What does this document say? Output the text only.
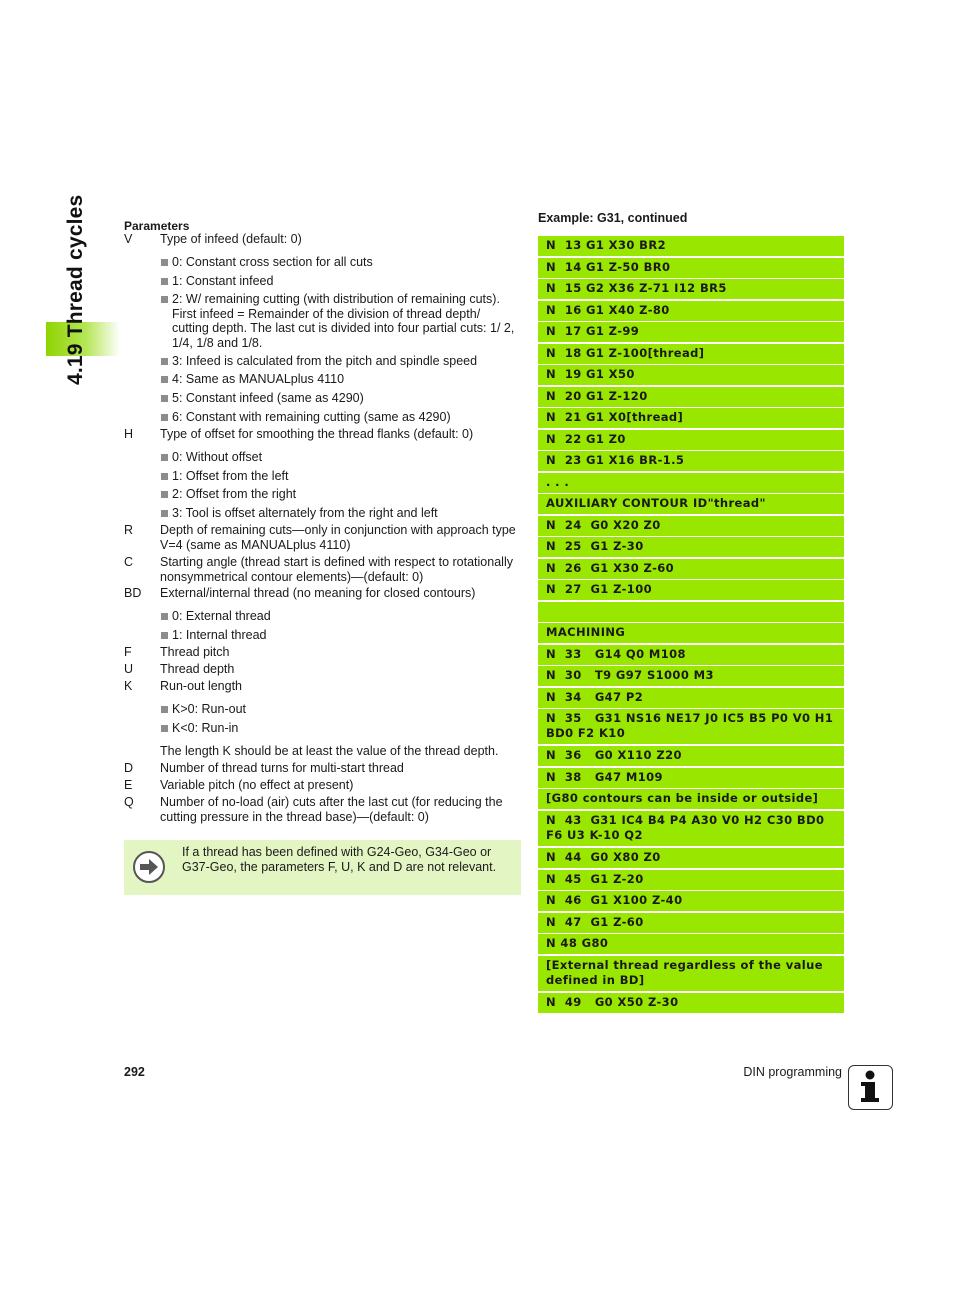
4.19 Thread cycles	Parameters
V Type of infeed (default: 0)
0: Constant cross section for all cuts
1: Constant infeed
2: W/ remaining cutting (with distribution of remaining cuts). First infeed = Remainder of the division of thread depth/ cutting depth. The last cut is divided into four partial cuts: 1/ 2, 1/4, 1/8 and 1/8.
3: Infeed is calculated from the pitch and spindle speed
4: Same as MANUALplus 4110
5: Constant infeed (same as 4290)
6: Constant with remaining cutting (same as 4290)
H Type of offset for smoothing the thread flanks (default: 0)
0: Without offset
1: Offset from the left
2: Offset from the right
3: Tool is offset alternately from the right and left
R Depth of remaining cuts—only in conjunction with approach type V=4 (same as MANUALplus 4110)
C Starting angle (thread start is defined with respect to rotationally nonsymmetrical contour elements)—(default: 0)
BD External/internal thread (no meaning for closed contours)
0: External thread
1: Internal thread
F Thread pitch
U Thread depth
K Run-out length
K>0: Run-out
K<0: Run-in
The length K should be at least the value of the thread depth.
D Number of thread turns for multi-start thread
E Variable pitch (no effect at present)
Q Number of no-load (air) cuts after the last cut (for reducing the cutting pressure in the thread base)—(default: 0)
If a thread has been defined with G24-Geo, G34-Geo or G37-Geo, the parameters F, U, K and D are not relevant.
Example: G31, continued
N  13 G1 X30 BR2
N  14 G1 Z-50 BR0
N  15 G2 X36 Z-71 I12 BR5
N  16 G1 X40 Z-80
N  17 G1 Z-99
N  18 G1 Z-100[thread]
N  19 G1 X50
N  20 G1 Z-120
N  21 G1 X0[thread]
N  22 G1 Z0
N  23 G1 X16 BR-1.5
. . .
AUXILIARY CONTOUR ID"thread"
N  24  G0 X20 Z0
N  25  G1 Z-30
N  26  G1 X30 Z-60
N  27  G1 Z-100
MACHINING
N  33   G14 Q0 M108
N  30   T9 G97 S1000 M3
N  34   G47 P2
N  35   G31 NS16 NE17 J0 IC5 B5 P0 V0 H1 BD0 F2 K10
N  36   G0 X110 Z20
N  38   G47 M109
[G80 contours can be inside or outside]
N  43  G31 IC4 B4 P4 A30 V0 H2 C30 BD0 F6 U3 K-10 Q2
N  44  G0 X80 Z0
N  45  G1 Z-20
N  46  G1 X100 Z-40
N  47  G1 Z-60
N 48 G80
[External thread regardless of the value defined in BD]
N  49   G0 X50 Z-30
292	DIN programming
